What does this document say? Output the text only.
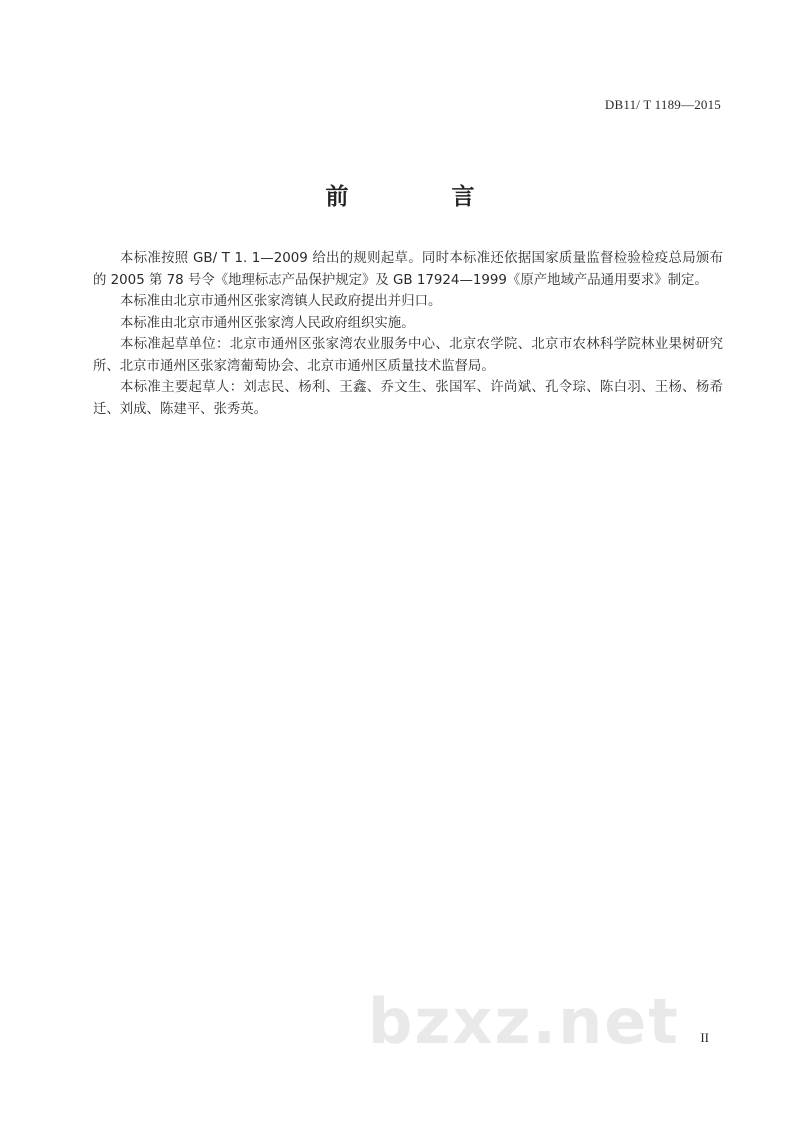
DB11/ T 1189—2015
前　言

本标准按照 GB/ T 1. 1—2009 给出的规则起草。同时本标准还依据国家质量监督检验检疫总局颁布的 2005 第 78 号令《地理标志产品保护规定》及 GB 17924—1999《原产地域产品通用要求》制定。

本标准由北京市通州区张家湾镇人民政府提出并归口。

本标准由北京市通州区张家湾人民政府组织实施。

本标准起草单位：北京市通州区张家湾农业服务中心、北京农学院、北京市农林科学院林业果树研究所、北京市通州区张家湾葡萄协会、北京市通州区质量技术监督局。

本标准主要起草人：刘志民、杨利、王鑫、乔文生、张国军、许尚斌、孔令琮、陈白羽、王杨、杨希迁、刘成、陈建平、张秀英。

bzxz.net II
